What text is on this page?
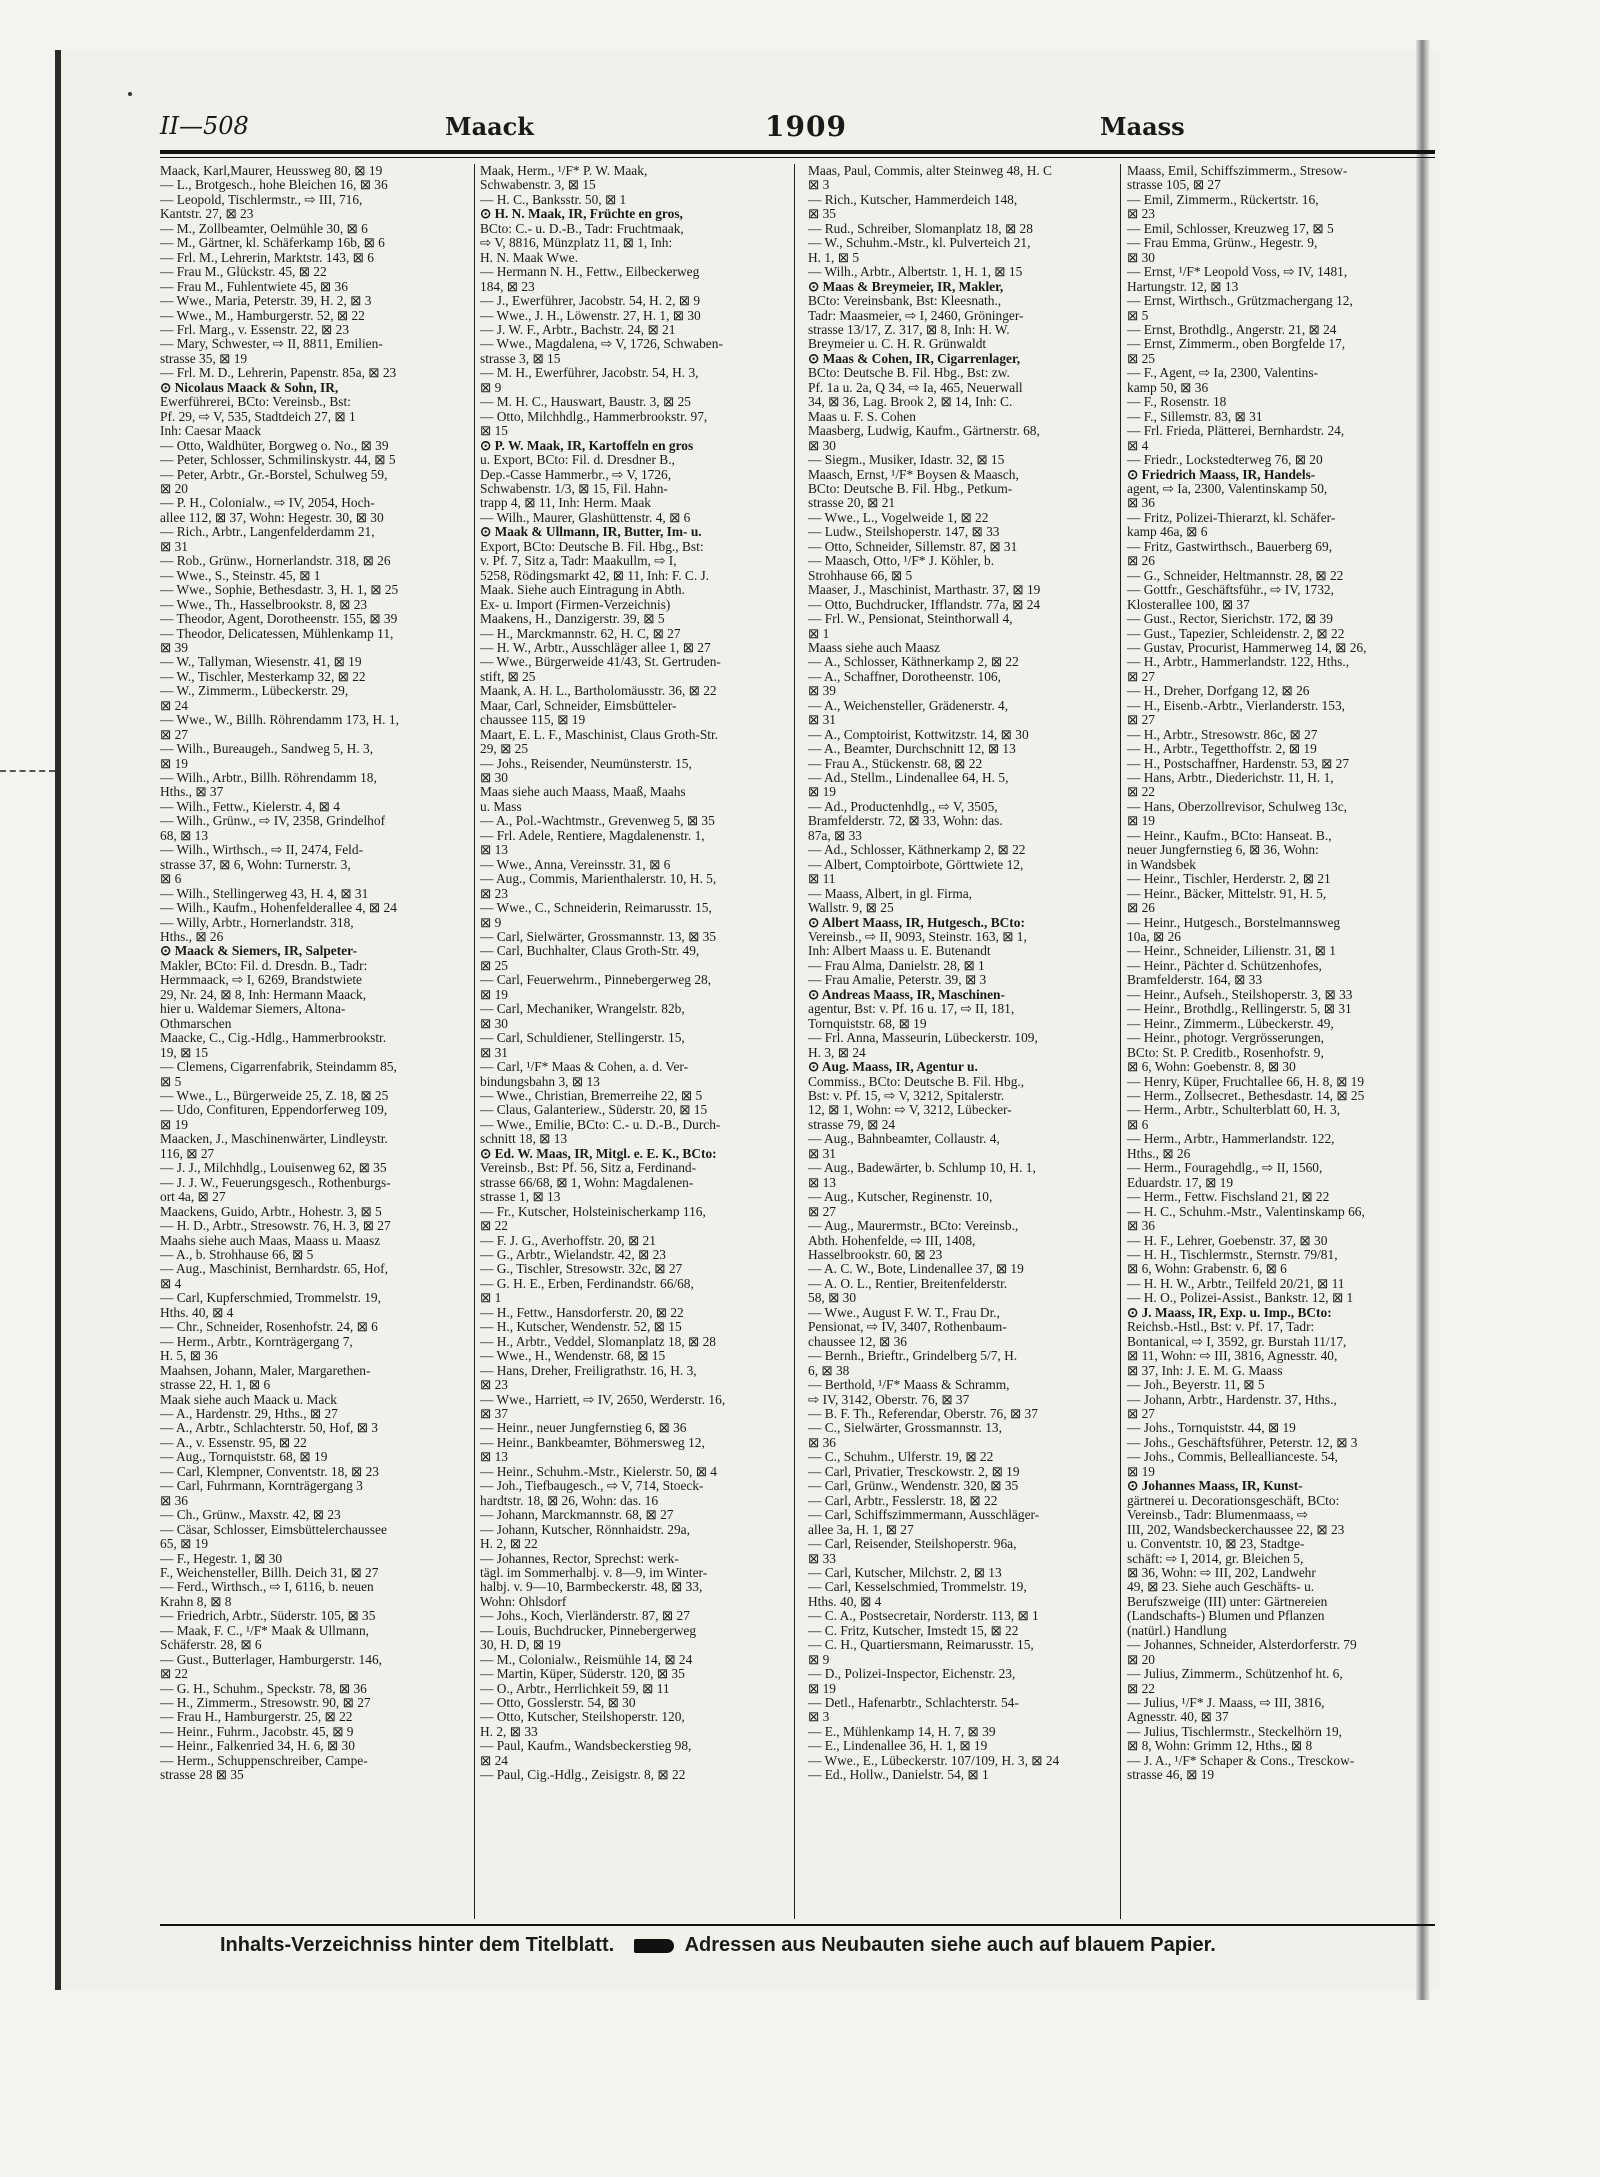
II—508	Maack	1909	Maass
Maack, Karl,Maurer, Heussweg 80, ⊠ 19
— L., Brotgesch., hohe Bleichen 16, ⊠ 36
— Leopold, Tischlermstr., ⇨ III, 716,
Kantstr. 27, ⊠ 23
— M., Zollbeamter, Oelmühle 30, ⊠ 6
— M., Gärtner, kl. Schäferkamp 16b, ⊠ 6
— Frl. M., Lehrerin, Marktstr. 143, ⊠ 6
— Frau M., Glückstr. 45, ⊠ 22
— Frau M., Fuhlentwiete 45, ⊠ 36
— Wwe., Maria, Peterstr. 39, H. 2, ⊠ 3
— Wwe., M., Hamburgerstr. 52, ⊠ 22
— Frl. Marg., v. Essenstr. 22, ⊠ 23
— Mary, Schwester, ⇨ II, 8811, Emilien-
strasse 35, ⊠ 19
— Frl. M. D., Lehrerin, Papenstr. 85a, ⊠ 23
⊙ Nicolaus Maack & Sohn, IR,
Ewerführerei, BCto: Vereinsb., Bst:
Pf. 29, ⇨ V, 535, Stadtdeich 27, ⊠ 1
Inh: Caesar Maack
— Otto, Waldhüter, Borgweg o. No., ⊠ 39
— Peter, Schlosser, Schmilinskystr. 44, ⊠ 5
— Peter, Arbtr., Gr.-Borstel, Schulweg 59,
⊠ 20
— P. H., Colonialw., ⇨ IV, 2054, Hoch-
allee 112, ⊠ 37, Wohn: Hegestr. 30, ⊠ 30
— Rich., Arbtr., Langenfelderdamm 21,
⊠ 31
— Rob., Grünw., Hornerlandstr. 318, ⊠ 26
— Wwe., S., Steinstr. 45, ⊠ 1
— Wwe., Sophie, Bethesdastr. 3, H. 1, ⊠ 25
— Wwe., Th., Hasselbrookstr. 8, ⊠ 23
— Theodor, Agent, Dorotheenstr. 155, ⊠ 39
— Theodor, Delicatessen, Mühlenkamp 11,
⊠ 39
— W., Tallyman, Wiesenstr. 41, ⊠ 19
— W., Tischler, Mesterkamp 32, ⊠ 22
— W., Zimmerm., Lübeckerstr. 29,
⊠ 24
— Wwe., W., Billh. Röhrendamm 173, H. 1,
⊠ 27
— Wilh., Bureaugeh., Sandweg 5, H. 3,
⊠ 19
— Wilh., Arbtr., Billh. Röhrendamm 18,
Hths., ⊠ 37
— Wilh., Fettw., Kielerstr. 4, ⊠ 4
— Wilh., Grünw., ⇨ IV, 2358, Grindelhof
68, ⊠ 13
— Wilh., Wirthsch., ⇨ II, 2474, Feld-
strasse 37, ⊠ 6, Wohn: Turnerstr. 3,
⊠ 6
— Wilh., Stellingerweg 43, H. 4, ⊠ 31
— Wilh., Kaufm., Hohenfelderallee 4, ⊠ 24
— Willy, Arbtr., Hornerlandstr. 318,
Hths., ⊠ 26
⊙ Maack & Siemers, IR, Salpeter-
Makler, BCto: Fil. d. Dresdn. B., Tadr:
Hermmaack, ⇨ I, 6269, Brandstwiete
29, Nr. 24, ⊠ 8, Inh: Hermann Maack,
hier u. Waldemar Siemers, Altona-
Othmarschen
Maacke, C., Cig.-Hdlg., Hammerbrookstr.
19, ⊠ 15
— Clemens, Cigarrenfabrik, Steindamm 85,
⊠ 5
— Wwe., L., Bürgerweide 25, Z. 18, ⊠ 25
— Udo, Confituren, Eppendorferweg 109,
⊠ 19
Maacken, J., Maschinenwärter, Lindleystr.
116, ⊠ 27
— J. J., Milchhdlg., Louisenweg 62, ⊠ 35
— J. J. W., Feuerungsgesch., Rothenburgs-
ort 4a, ⊠ 27
Maackens, Guido, Arbtr., Hohestr. 3, ⊠ 5
— H. D., Arbtr., Stresowstr. 76, H. 3, ⊠ 27
Maahs siehe auch Maas, Maass u. Maasz
— A., b. Strohhause 66, ⊠ 5
— Aug., Maschinist, Bernhardstr. 65, Hof,
⊠ 4
— Carl, Kupferschmied, Trommelstr. 19,
Hths. 40, ⊠ 4
— Chr., Schneider, Rosenhofstr. 24, ⊠ 6
— Herm., Arbtr., Kornträgergang 7,
H. 5, ⊠ 36
Maahsen, Johann, Maler, Margarethen-
strasse 22, H. 1, ⊠ 6
Maak siehe auch Maack u. Mack
— A., Hardenstr. 29, Hths., ⊠ 27
— A., Arbtr., Schlachterstr. 50, Hof, ⊠ 3
— A., v. Essenstr. 95, ⊠ 22
— Aug., Tornquiststr. 68, ⊠ 19
— Carl, Klempner, Conventstr. 18, ⊠ 23
— Carl, Fuhrmann, Kornträgergang 3
⊠ 36
— Ch., Grünw., Maxstr. 42, ⊠ 23
— Cäsar, Schlosser, Eimsbüttelerchaussee
65, ⊠ 19
— F., Hegestr. 1, ⊠ 30
F., Weichensteller, Billh. Deich 31, ⊠ 27
— Ferd., Wirthsch., ⇨ I, 6116, b. neuen
Krahn 8, ⊠ 8
— Friedrich, Arbtr., Süderstr. 105, ⊠ 35
— Maak, F. C., ¹/F* Maak & Ullmann,
Schäferstr. 28, ⊠ 6
— Gust., Butterlager, Hamburgerstr. 146,
⊠ 22
— G. H., Schuhm., Speckstr. 78, ⊠ 36
— H., Zimmerm., Stresowstr. 90, ⊠ 27
— Frau H., Hamburgerstr. 25, ⊠ 22
— Heinr., Fuhrm., Jacobstr. 45, ⊠ 9
— Heinr., Falkenried 34, H. 6, ⊠ 30
— Herm., Schuppenschreiber, Campe-
strasse 28 ⊠ 35
Maak, Herm., ¹/F* P. W. Maak,
Schwabenstr. 3, ⊠ 15
— H. C., Banksstr. 50, ⊠ 1
⊙ H. N. Maak, IR, Früchte en gros,
BCto: C.- u. D.-B., Tadr: Fruchtmaak,
⇨ V, 8816, Münzplatz 11, ⊠ 1, Inh:
H. N. Maak Wwe.
— Hermann N. H., Fettw., Eilbeckerweg
184, ⊠ 23
— J., Ewerführer, Jacobstr. 54, H. 2, ⊠ 9
— Wwe., J. H., Löwenstr. 27, H. 1, ⊠ 30
— J. W. F., Arbtr., Bachstr. 24, ⊠ 21
— Wwe., Magdalena, ⇨ V, 1726, Schwaben-
strasse 3, ⊠ 15
— M. H., Ewerführer, Jacobstr. 54, H. 3,
⊠ 9
— M. H. C., Hauswart, Baustr. 3, ⊠ 25
— Otto, Milchhdlg., Hammerbrookstr. 97,
⊠ 15
⊙ P. W. Maak, IR, Kartoffeln en gros
u. Export, BCto: Fil. d. Dresdner B.,
Dep.-Casse Hammerbr., ⇨ V, 1726,
Schwabenstr. 1/3, ⊠ 15, Fil. Hahn-
trapp 4, ⊠ 11, Inh: Herm. Maak
— Wilh., Maurer, Glashüttenstr. 4, ⊠ 6
⊙ Maak & Ullmann, IR, Butter, Im- u.
Export, BCto: Deutsche B. Fil. Hbg., Bst:
v. Pf. 7, Sitz a, Tadr: Maakullm, ⇨ I,
5258, Rödingsmarkt 42, ⊠ 11, Inh: F. C. J.
Maak. Siehe auch Eintragung in Abth.
Ex- u. Import (Firmen-Verzeichnis)
Maakens, H., Danzigerstr. 39, ⊠ 5
— H., Marckmannstr. 62, H. C, ⊠ 27
— H. W., Arbtr., Ausschläger allee 1, ⊠ 27
— Wwe., Bürgerweide 41/43, St. Gertruden-
stift, ⊠ 25
Maank, A. H. L., Bartholomäusstr. 36, ⊠ 22
Maar, Carl, Schneider, Eimsbütteler-
chaussee 115, ⊠ 19
Maart, E. L. F., Maschinist, Claus Groth-Str.
29, ⊠ 25
— Johs., Reisender, Neumünsterstr. 15,
⊠ 30
Maas siehe auch Maass, Maaß, Maahs
u. Mass
— A., Pol.-Wachtmstr., Grevenweg 5, ⊠ 35
— Frl. Adele, Rentiere, Magdalenenstr. 1,
⊠ 13
— Wwe., Anna, Vereinsstr. 31, ⊠ 6
— Aug., Commis, Marienthalerstr. 10, H. 5,
⊠ 23
— Wwe., C., Schneiderin, Reimarusstr. 15,
⊠ 9
— Carl, Sielwärter, Grossmannstr. 13, ⊠ 35
— Carl, Buchhalter, Claus Groth-Str. 49,
⊠ 25
— Carl, Feuerwehrm., Pinnebergerweg 28,
⊠ 19
— Carl, Mechaniker, Wrangelstr. 82b,
⊠ 30
— Carl, Schuldiener, Stellingerstr. 15,
⊠ 31
— Carl, ¹/F* Maas & Cohen, a. d. Ver-
bindungsbahn 3, ⊠ 13
— Wwe., Christian, Bremerreihe 22, ⊠ 5
— Claus, Galanteriew., Süderstr. 20, ⊠ 15
— Wwe., Emilie, BCto: C.- u. D.-B., Durch-
schnitt 18, ⊠ 13
⊙ Ed. W. Maas, IR, Mitgl. e. E. K., BCto:
Vereinsb., Bst: Pf. 56, Sitz a, Ferdinand-
strasse 66/68, ⊠ 1, Wohn: Magdalenen-
strasse 1, ⊠ 13
— Fr., Kutscher, Holsteinischerkamp 116,
⊠ 22
— F. J. G., Averhoffstr. 20, ⊠ 21
— G., Arbtr., Wielandstr. 42, ⊠ 23
— G., Tischler, Stresowstr. 32c, ⊠ 27
— G. H. E., Erben, Ferdinandstr. 66/68,
⊠ 1
— H., Fettw., Hansdorferstr. 20, ⊠ 22
— H., Kutscher, Wendenstr. 52, ⊠ 15
— H., Arbtr., Veddel, Slomanplatz 18, ⊠ 28
— Wwe., H., Wendenstr. 68, ⊠ 15
— Hans, Dreher, Freiligrathstr. 16, H. 3,
⊠ 23
— Wwe., Harriett, ⇨ IV, 2650, Werderstr. 16,
⊠ 37
— Heinr., neuer Jungfernstieg 6, ⊠ 36
— Heinr., Bankbeamter, Böhmersweg 12,
⊠ 13
— Heinr., Schuhm.-Mstr., Kielerstr. 50, ⊠ 4
— Joh., Tiefbaugesch., ⇨ V, 714, Stoeck-
hardtstr. 18, ⊠ 26, Wohn: das. 16
— Johann, Marckmannstr. 68, ⊠ 27
— Johann, Kutscher, Rönnhaidstr. 29a,
H. 2, ⊠ 22
— Johannes, Rector, Sprechst: werk-
tägl. im Sommerhalbj. v. 8—9, im Winter-
halbj. v. 9—10, Barmbeckerstr. 48, ⊠ 33,
Wohn: Ohlsdorf
— Johs., Koch, Vierländerstr. 87, ⊠ 27
— Louis, Buchdrucker, Pinnebergerweg
30, H. D, ⊠ 19
— M., Colonialw., Reismühle 14, ⊠ 24
— Martin, Küper, Süderstr. 120, ⊠ 35
— O., Arbtr., Herrlichkeit 59, ⊠ 11
— Otto, Gosslerstr. 54, ⊠ 30
— Otto, Kutscher, Steilshoperstr. 120,
H. 2, ⊠ 33
— Paul, Kaufm., Wandsbeckerstieg 98,
⊠ 24
— Paul, Cig.-Hdlg., Zeisigstr. 8, ⊠ 22
Maas, Paul, Commis, alter Steinweg 48, H. C
⊠ 3
— Rich., Kutscher, Hammerdeich 148,
⊠ 35
— Rud., Schreiber, Slomanplatz 18, ⊠ 28
— W., Schuhm.-Mstr., kl. Pulverteich 21,
H. 1, ⊠ 5
— Wilh., Arbtr., Albertstr. 1, H. 1, ⊠ 15
⊙ Maas & Breymeier, IR, Makler,
BCto: Vereinsbank, Bst: Kleesnath.,
Tadr: Maasmeier, ⇨ I, 2460, Gröninger-
strasse 13/17, Z. 317, ⊠ 8, Inh: H. W.
Breymeier u. C. H. R. Grünwaldt
⊙ Maas & Cohen, IR, Cigarrenlager,
BCto: Deutsche B. Fil. Hbg., Bst: zw.
Pf. 1a u. 2a, Q 34, ⇨ Ia, 465, Neuerwall
34, ⊠ 36, Lag. Brook 2, ⊠ 14, Inh: C.
Maas u. F. S. Cohen
Maasberg, Ludwig, Kaufm., Gärtnerstr. 68,
⊠ 30
— Siegm., Musiker, Idastr. 32, ⊠ 15
Maasch, Ernst, ¹/F* Boysen & Maasch,
BCto: Deutsche B. Fil. Hbg., Petkum-
strasse 20, ⊠ 21
— Wwe., L., Vogelweide 1, ⊠ 22
— Ludw., Steilshoperstr. 147, ⊠ 33
— Otto, Schneider, Sillemstr. 87, ⊠ 31
— Maasch, Otto, ¹/F* J. Köhler, b.
Strohhause 66, ⊠ 5
Maaser, J., Maschinist, Marthastr. 37, ⊠ 19
— Otto, Buchdrucker, Ifflandstr. 77a, ⊠ 24
— Frl. W., Pensionat, Steinthorwall 4,
⊠ 1
Maass siehe auch Maasz
— A., Schlosser, Käthnerkamp 2, ⊠ 22
— A., Schaffner, Dorotheenstr. 106,
⊠ 39
— A., Weichensteller, Grädenerstr. 4,
⊠ 31
— A., Comptoirist, Kottwitzstr. 14, ⊠ 30
— A., Beamter, Durchschnitt 12, ⊠ 13
— Frau A., Stückenstr. 68, ⊠ 22
— Ad., Stellm., Lindenallee 64, H. 5,
⊠ 19
— Ad., Productenhdlg., ⇨ V, 3505,
Bramfelderstr. 72, ⊠ 33, Wohn: das.
87a, ⊠ 33
— Ad., Schlosser, Käthnerkamp 2, ⊠ 22
— Albert, Comptoirbote, Görttwiete 12,
⊠ 11
— Maass, Albert, in gl. Firma,
Wallstr. 9, ⊠ 25
⊙ Albert Maass, IR, Hutgesch., BCto:
Vereinsb., ⇨ II, 9093, Steinstr. 163, ⊠ 1,
Inh: Albert Maass u. E. Butenandt
— Frau Alma, Danielstr. 28, ⊠ 1
— Frau Amalie, Peterstr. 39, ⊠ 3
⊙ Andreas Maass, IR, Maschinen-
agentur, Bst: v. Pf. 16 u. 17, ⇨ II, 181,
Tornquiststr. 68, ⊠ 19
— Frl. Anna, Masseurin, Lübeckerstr. 109,
H. 3, ⊠ 24
⊙ Aug. Maass, IR, Agentur u.
Commiss., BCto: Deutsche B. Fil. Hbg.,
Bst: v. Pf. 15, ⇨ V, 3212, Spitalerstr.
12, ⊠ 1, Wohn: ⇨ V, 3212, Lübecker-
strasse 79, ⊠ 24
— Aug., Bahnbeamter, Collaustr. 4,
⊠ 31
— Aug., Badewärter, b. Schlump 10, H. 1,
⊠ 13
— Aug., Kutscher, Reginenstr. 10,
⊠ 27
— Aug., Maurermstr., BCto: Vereinsb.,
Abth. Hohenfelde, ⇨ III, 1408,
Hasselbrookstr. 60, ⊠ 23
— A. C. W., Bote, Lindenallee 37, ⊠ 19
— A. O. L., Rentier, Breitenfelderstr.
58, ⊠ 30
— Wwe., August F. W. T., Frau Dr.,
Pensionat, ⇨ IV, 3407, Rothenbaum-
chaussee 12, ⊠ 36
— Bernh., Brieftr., Grindelberg 5/7, H.
6, ⊠ 38
— Berthold, ¹/F* Maass & Schramm,
⇨ IV, 3142, Oberstr. 76, ⊠ 37
— B. F. Th., Referendar, Oberstr. 76, ⊠ 37
— C., Sielwärter, Grossmannstr. 13,
⊠ 36
— C., Schuhm., Ulferstr. 19, ⊠ 22
— Carl, Privatier, Tresckowstr. 2, ⊠ 19
— Carl, Grünw., Wendenstr. 320, ⊠ 35
— Carl, Arbtr., Fesslerstr. 18, ⊠ 22
— Carl, Schiffszimmermann, Ausschläger-
allee 3a, H. 1, ⊠ 27
— Carl, Reisender, Steilshoperstr. 96a,
⊠ 33
— Carl, Kutscher, Milchstr. 2, ⊠ 13
— Carl, Kesselschmied, Trommelstr. 19,
Hths. 40, ⊠ 4
— C. A., Postsecretair, Norderstr. 113, ⊠ 1
— C. Fritz, Kutscher, Imstedt 15, ⊠ 22
— C. H., Quartiersmann, Reimarusstr. 15,
⊠ 9
— D., Polizei-Inspector, Eichenstr. 23,
⊠ 19
— Detl., Hafenarbtr., Schlachterstr. 54-
⊠ 3
— E., Mühlenkamp 14, H. 7, ⊠ 39
— E., Lindenallee 36, H. 1, ⊠ 19
— Wwe., E., Lübeckerstr. 107/109, H. 3, ⊠ 24
— Ed., Hollw., Danielstr. 54, ⊠ 1
Maass, Emil, Schiffszimmerm., Stresow-
strasse 105, ⊠ 27
— Emil, Zimmerm., Rückertstr. 16,
⊠ 23
— Emil, Schlosser, Kreuzweg 17, ⊠ 5
— Frau Emma, Grünw., Hegestr. 9,
⊠ 30
— Ernst, ¹/F* Leopold Voss, ⇨ IV, 1481,
Hartungstr. 12, ⊠ 13
— Ernst, Wirthsch., Grützmachergang 12,
⊠ 5
— Ernst, Brothdlg., Angerstr. 21, ⊠ 24
— Ernst, Zimmerm., oben Borgfelde 17,
⊠ 25
— F., Agent, ⇨ Ia, 2300, Valentins-
kamp 50, ⊠ 36
— F., Rosenstr. 18
— F., Sillemstr. 83, ⊠ 31
— Frl. Frieda, Plätterei, Bernhardstr. 24,
⊠ 4
— Friedr., Lockstedterweg 76, ⊠ 20
⊙ Friedrich Maass, IR, Handels-
agent, ⇨ Ia, 2300, Valentinskamp 50,
⊠ 36
— Fritz, Polizei-Thierarzt, kl. Schäfer-
kamp 46a, ⊠ 6
— Fritz, Gastwirthsch., Bauerberg 69,
⊠ 26
— G., Schneider, Heltmannstr. 28, ⊠ 22
— Gottfr., Geschäftsführ., ⇨ IV, 1732,
Klosterallee 100, ⊠ 37
— Gust., Rector, Sierichstr. 172, ⊠ 39
— Gust., Tapezier, Schleidenstr. 2, ⊠ 22
— Gustav, Procurist, Hammerweg 14, ⊠ 26,
— H., Arbtr., Hammerlandstr. 122, Hths.,
⊠ 27
— H., Dreher, Dorfgang 12, ⊠ 26
— H., Eisenb.-Arbtr., Vierlanderstr. 153,
⊠ 27
— H., Arbtr., Stresowstr. 86c, ⊠ 27
— H., Arbtr., Tegetthoffstr. 2, ⊠ 19
— H., Postschaffner, Hardenstr. 53, ⊠ 27
— Hans, Arbtr., Diederichstr. 11, H. 1,
⊠ 22
— Hans, Oberzollrevisor, Schulweg 13c,
⊠ 19
— Heinr., Kaufm., BCto: Hanseat. B.,
neuer Jungfernstieg 6, ⊠ 36, Wohn:
in Wandsbek
— Heinr., Tischler, Herderstr. 2, ⊠ 21
— Heinr., Bäcker, Mittelstr. 91, H. 5,
⊠ 26
— Heinr., Hutgesch., Borstelmannsweg
10a, ⊠ 26
— Heinr., Schneider, Lilienstr. 31, ⊠ 1
— Heinr., Pächter d. Schützenhofes,
Bramfelderstr. 164, ⊠ 33
— Heinr., Aufseh., Steilshoperstr. 3, ⊠ 33
— Heinr., Brothdlg., Rellingerstr. 5, ⊠ 31
— Heinr., Zimmerm., Lübeckerstr. 49,
— Heinr., photogr. Vergrösserungen,
BCto: St. P. Creditb., Rosenhofstr. 9,
⊠ 6, Wohn: Goebenstr. 8, ⊠ 30
— Henry, Küper, Fruchtallee 66, H. 8, ⊠ 19
— Herm., Zollsecret., Bethesdastr. 14, ⊠ 25
— Herm., Arbtr., Schulterblatt 60, H. 3,
⊠ 6
— Herm., Arbtr., Hammerlandstr. 122,
Hths., ⊠ 26
— Herm., Fouragehdlg., ⇨ II, 1560,
Eduardstr. 17, ⊠ 19
— Herm., Fettw. Fischsland 21, ⊠ 22
— H. C., Schuhm.-Mstr., Valentinskamp 66,
⊠ 36
— H. F., Lehrer, Goebenstr. 37, ⊠ 30
— H. H., Tischlermstr., Sternstr. 79/81,
⊠ 6, Wohn: Grabenstr. 6, ⊠ 6
— H. H. W., Arbtr., Teilfeld 20/21, ⊠ 11
— H. O., Polizei-Assist., Bankstr. 12, ⊠ 1
⊙ J. Maass, IR, Exp. u. Imp., BCto:
Reichsb.-Hstl., Bst: v. Pf. 17, Tadr:
Bontanical, ⇨ I, 3592, gr. Burstah 11/17,
⊠ 11, Wohn: ⇨ III, 3816, Agnesstr. 40,
⊠ 37, Inh: J. E. M. G. Maass
— Joh., Beyerstr. 11, ⊠ 5
— Johann, Arbtr., Hardenstr. 37, Hths.,
⊠ 27
— Johs., Tornquiststr. 44, ⊠ 19
— Johs., Geschäftsführer, Peterstr. 12, ⊠ 3
— Johs., Commis, Belleallianceste. 54,
⊠ 19
⊙ Johannes Maass, IR, Kunst-
gärtnerei u. Decorationsgeschäft, BCto:
Vereinsb., Tadr: Blumenmaass, ⇨
III, 202, Wandsbeckerchaussee 22, ⊠ 23
u. Conventstr. 10, ⊠ 23, Stadtge-
schäft: ⇨ I, 2014, gr. Bleichen 5,
⊠ 36, Wohn: ⇨ III, 202, Landwehr
49, ⊠ 23. Siehe auch Geschäfts- u.
Berufszweige (III) unter: Gärtnereien
(Landschafts-) Blumen und Pflanzen
(natürl.) Handlung
— Johannes, Schneider, Alsterdorferstr. 79
⊠ 20
— Julius, Zimmerm., Schützenhof ht. 6,
⊠ 22
— Julius, ¹/F* J. Maass, ⇨ III, 3816,
Agnesstr. 40, ⊠ 37
— Julius, Tischlermstr., Steckelhörn 19,
⊠ 8, Wohn: Grimm 12, Hths., ⊠ 8
— J. A., ¹/F* Schaper & Cons., Tresckow-
strasse 46, ⊠ 19
Inhalts-Verzeichniss hinter dem Titelblatt.	Adressen aus Neubauten siehe auch auf blauem Papier.
